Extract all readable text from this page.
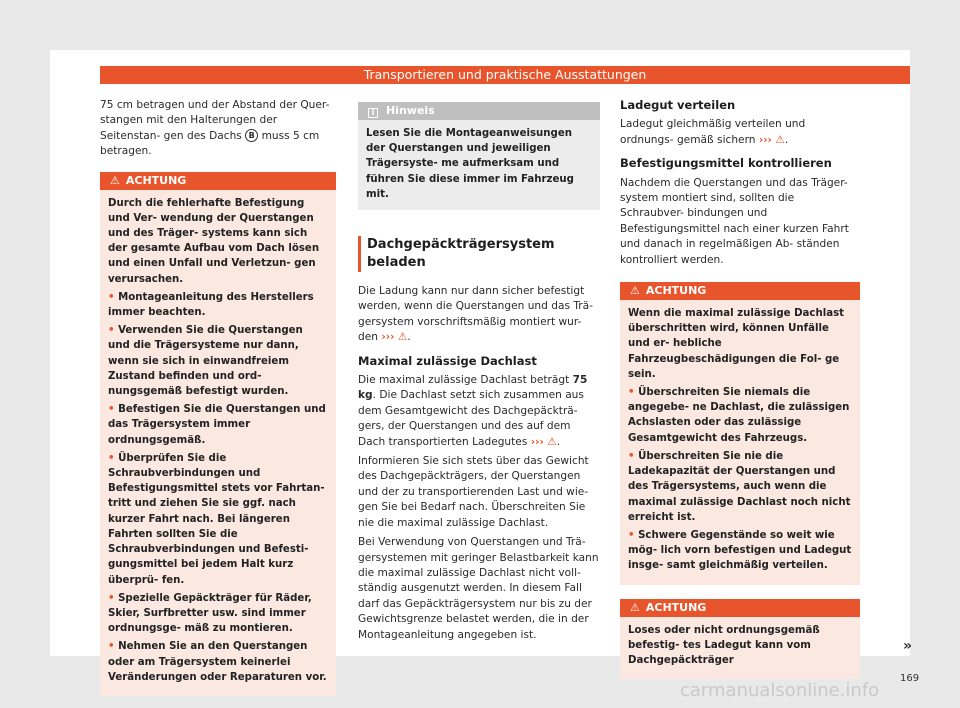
Transportieren und praktische Ausstattungen

75 cm betragen und der Abstand der Quer- stangen mit den Halterungen der Seitenstan- gen des Dachs B muss 5 cm betragen.

⚠ ACHTUNG

Durch die fehlerhafte Befestigung und Ver- wendung der Querstangen und des Träger- systems kann sich der gesamte Aufbau vom Dach lösen und einen Unfall und Verletzun- gen verursachen.

• Montageanleitung des Herstellers immer beachten.

• Verwenden Sie die Querstangen und die Trägersysteme nur dann, wenn sie sich in einwandfreiem Zustand befinden und ord- nungsgemäß befestigt wurden.

• Befestigen Sie die Querstangen und das Trägersystem immer ordnungsgemäß.

• Überprüfen Sie die Schraubverbindungen und Befestigungsmittel stets vor Fahrtan- tritt und ziehen Sie sie ggf. nach kurzer Fahrt nach. Bei längeren Fahrten sollten Sie die Schraubverbindungen und Befesti- gungsmittel bei jedem Halt kurz überprü- fen.

• Spezielle Gepäckträger für Räder, Skier, Surfbretter usw. sind immer ordnungsge- mäß zu montieren.

• Nehmen Sie an den Querstangen oder am Trägersystem keinerlei Veränderungen oder Reparaturen vor.

i Hinweis
Lesen Sie die Montageanweisungen der Querstangen und jeweiligen Trägersyste- me aufmerksam und führen Sie diese immer im Fahrzeug mit.
Dachgepäckträgersystem beladen

Die Ladung kann nur dann sicher befestigt werden, wenn die Querstangen und das Trä- gersystem vorschriftsmäßig montiert wur- den ››› ⚠.

Maximal zulässige Dachlast

Die maximal zulässige Dachlast beträgt 75 kg. Die Dachlast setzt sich zusammen aus dem Gesamtgewicht des Dachgepäckträ- gers, der Querstangen und des auf dem Dach transportierten Ladegutes ››› ⚠.

Informieren Sie sich stets über das Gewicht des Dachgepäckträgers, der Querstangen und der zu transportierenden Last und wie- gen Sie bei Bedarf nach. Überschreiten Sie nie die maximal zulässige Dachlast.

Bei Verwendung von Querstangen und Trä- gersystemen mit geringer Belastbarkeit kann die maximal zulässige Dachlast nicht voll- ständig ausgenutzt werden. In diesem Fall darf das Gepäckträgersystem nur bis zu der Gewichtsgrenze belastet werden, die in der Montageanleitung angegeben ist.

Ladegut verteilen

Ladegut gleichmäßig verteilen und ordnungs- gemäß sichern ››› ⚠.

Befestigungsmittel kontrollieren

Nachdem die Querstangen und das Träger- system montiert sind, sollten die Schraubver- bindungen und Befestigungsmittel nach einer kurzen Fahrt und danach in regelmäßigen Ab- ständen kontrolliert werden.

⚠ ACHTUNG

Wenn die maximal zulässige Dachlast überschritten wird, können Unfälle und er- hebliche Fahrzeugbeschädigungen die Fol- ge sein.

• Überschreiten Sie niemals die angegebe- ne Dachlast, die zulässigen Achslasten oder das zulässige Gesamtgewicht des Fahrzeugs.

• Überschreiten Sie nie die Ladekapazität der Querstangen und des Trägersystems, auch wenn die maximal zulässige Dachlast noch nicht erreicht ist.

• Schwere Gegenstände so weit wie mög- lich vorn befestigen und Ladegut insge- samt gleichmäßig verteilen.

⚠ ACHTUNG

Loses oder nicht ordnungsgemäß befestig- tes Ladegut kann vom Dachgepäckträger

»
169
carmanualsonline.info
